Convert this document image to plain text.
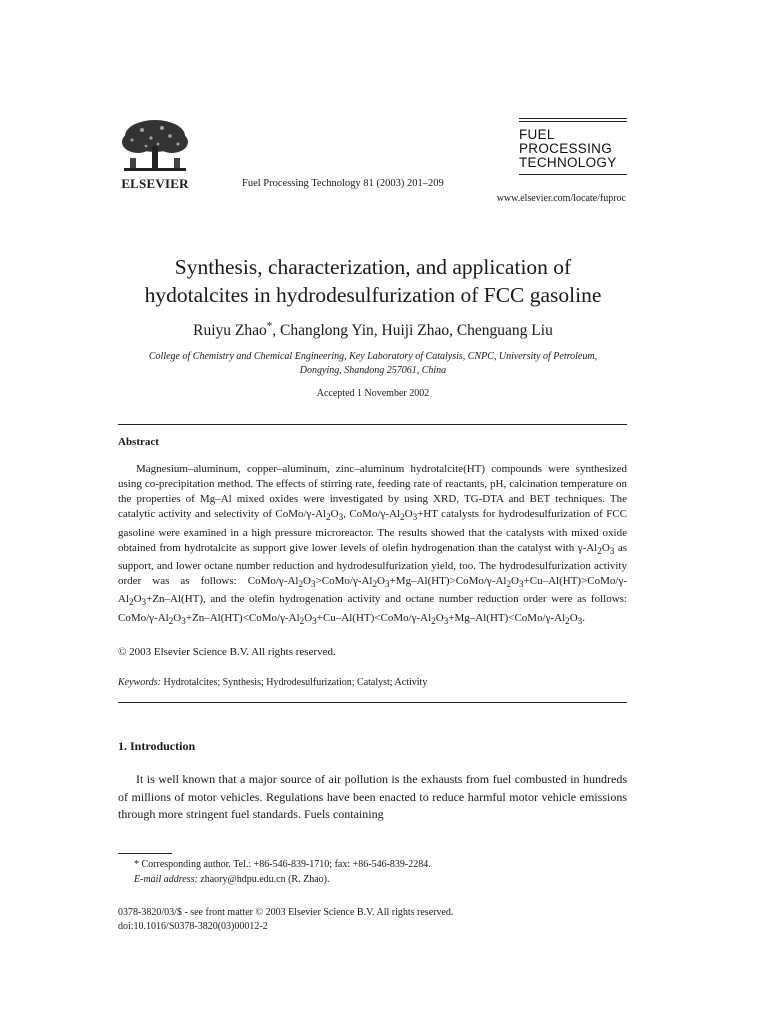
ELSEVIER	Fuel Processing Technology 81 (2003) 201–209
FUEL
PROCESSING
TECHNOLOGY
www.elsevier.com/locate/fuproc
Synthesis, characterization, and application of
hydotalcites in hydrodesulfurization of FCC gasoline
Ruiyu Zhao*, Changlong Yin, Huiji Zhao, Chenguang Liu
College of Chemistry and Chemical Engineering, Key Laboratory of Catalysis, CNPC, University of Petroleum,
Dongying, Shandong 257061, China
Accepted 1 November 2002
Abstract
Magnesium–aluminum, copper–aluminum, zinc–aluminum hydrotalcite(HT) compounds were synthesized using co-precipitation method. The effects of stirring rate, feeding rate of reactants, pH, calcination temperature on the properties of Mg–Al mixed oxides were investigated by using XRD, TG-DTA and BET techniques. The catalytic activity and selectivity of CoMo/$\gamma-Al_2O_3$, CoMo/$\gamma-Al_2O_3+HT$ catalysts for hydrodesulfurization of FCC gasoline were examined in a high pressure microreactor. The results showed that the catalysts with mixed oxide obtained from hydrotalcite as support give lower levels of olefin hydrogenation than the catalyst with $\gamma-Al_2O_3$ as support, and lower octane number reduction and hydrodesulfurization yield, too. The hydrodesulfurization activity order was as follows: CoMo/$\gamma-Al_2O_3>CoMo/\gamma-Al_2O_3+Mg-Al(HT)>CoMo/\gamma-Al_2O_3+Cu-Al(HT)>CoMo/\gamma-Al_2O_3+Zn-Al(HT)$, and the olefin hydrogenation activity and octane number reduction order were as follows: CoMo/$\gamma-Al_2O_3+Zn-Al(HT)<CoMo/\gamma-Al_2O_3+Cu-Al(HT)<CoMo/\gamma-Al_2O_3+Mg-Al(HT)<CoMo/\gamma-Al_2O_3$.
© 2003 Elsevier Science B.V. All rights reserved.
Keywords: Hydrotalcites; Synthesis; Hydrodesulfurization; Catalyst; Activity
1. Introduction
It is well known that a major source of air pollution is the exhausts from fuel combusted in hundreds of millions of motor vehicles. Regulations have been enacted to reduce harmful motor vehicle emissions through more stringent fuel standards. Fuels containing
* Corresponding author. Tel.: +86-546-839-1710; fax: +86-546-839-2284.
E-mail address: zhaory@hdpu.edu.cn (R. Zhao).
0378-3820/03/$ - see front matter © 2003 Elsevier Science B.V. All rights reserved.
doi:10.1016/S0378-3820(03)00012-2
